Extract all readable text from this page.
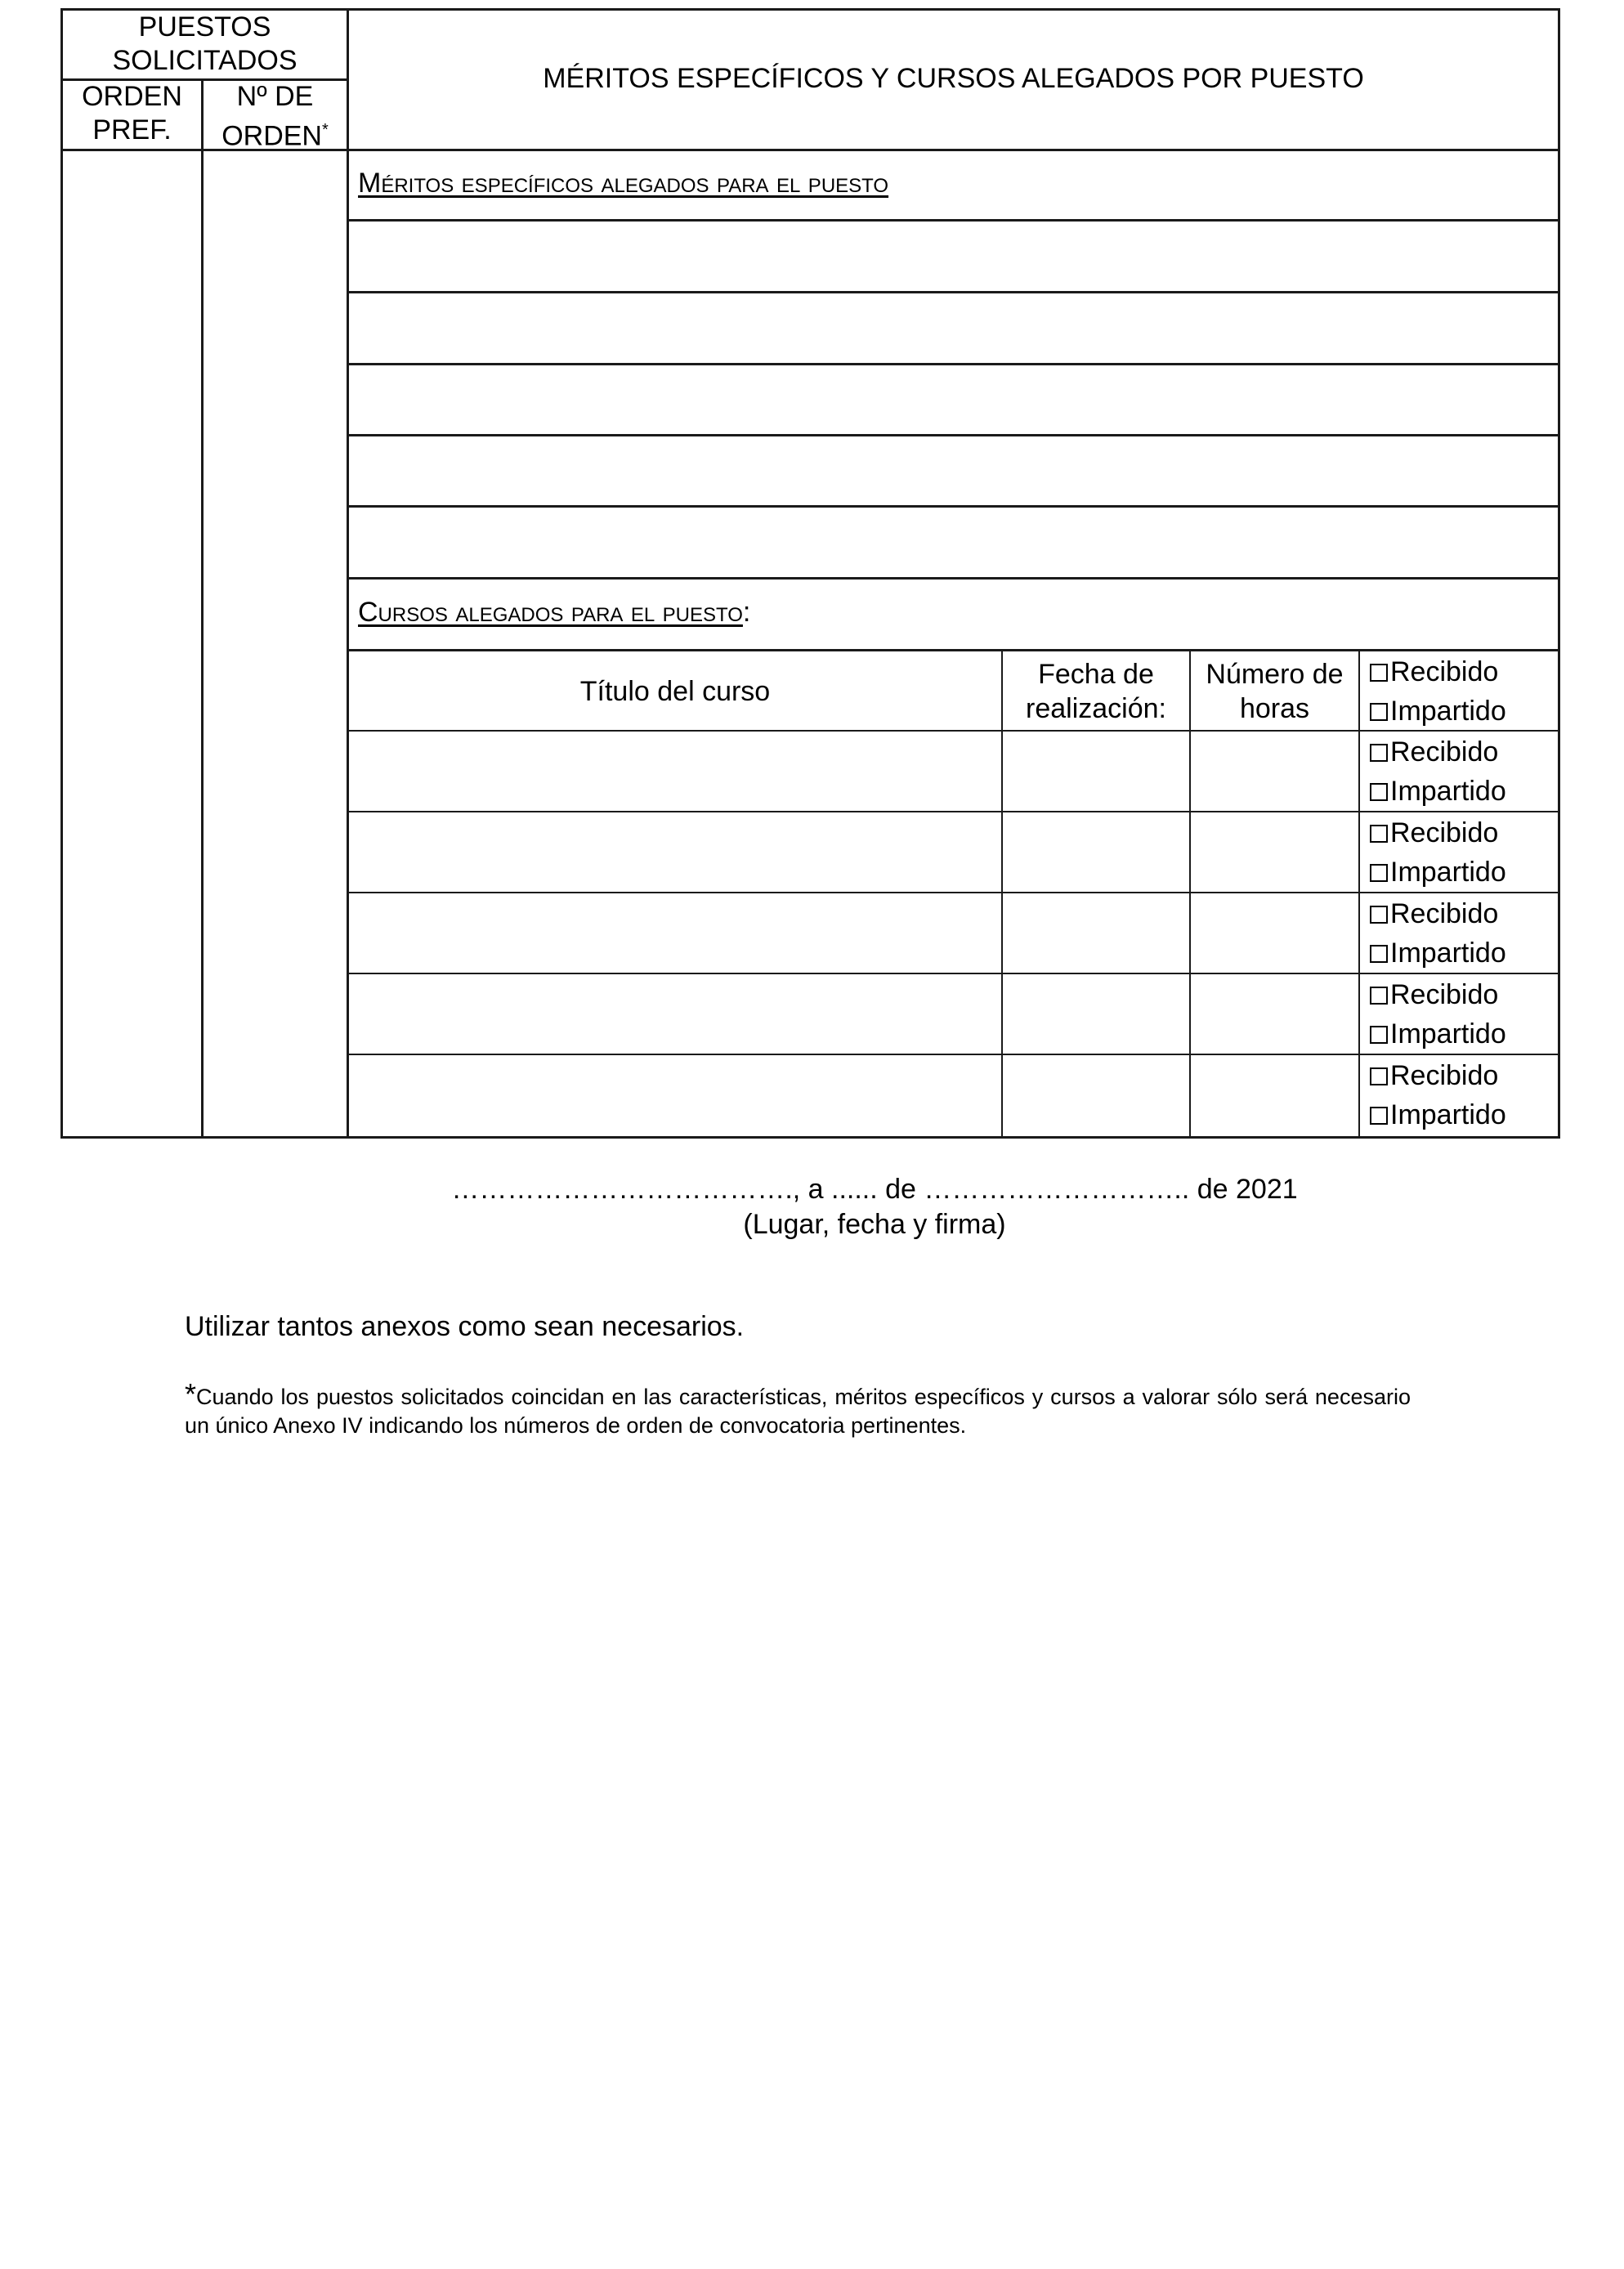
PUESTOS SOLICITADOS
ORDEN
PREF.
Nº DE
ORDEN*
MÉRITOS ESPECÍFICOS Y CURSOS ALEGADOS POR PUESTO
Méritos específicos alegados para el puesto
Cursos alegados para el puesto:
Título del curso
Fecha de
realización:
Número de
horas
Recibido
Impartido
Recibido
Impartido
Recibido
Impartido
Recibido
Impartido
Recibido
Impartido
Recibido
Impartido
………………………………., a ...... de ……………………….. de 2021
(Lugar, fecha y firma)
Utilizar tantos anexos como sean necesarios.
*Cuando los puestos solicitados coincidan en las características, méritos específicos y cursos a valorar sólo será necesario un único Anexo IV indicando los números de orden de convocatoria pertinentes.
